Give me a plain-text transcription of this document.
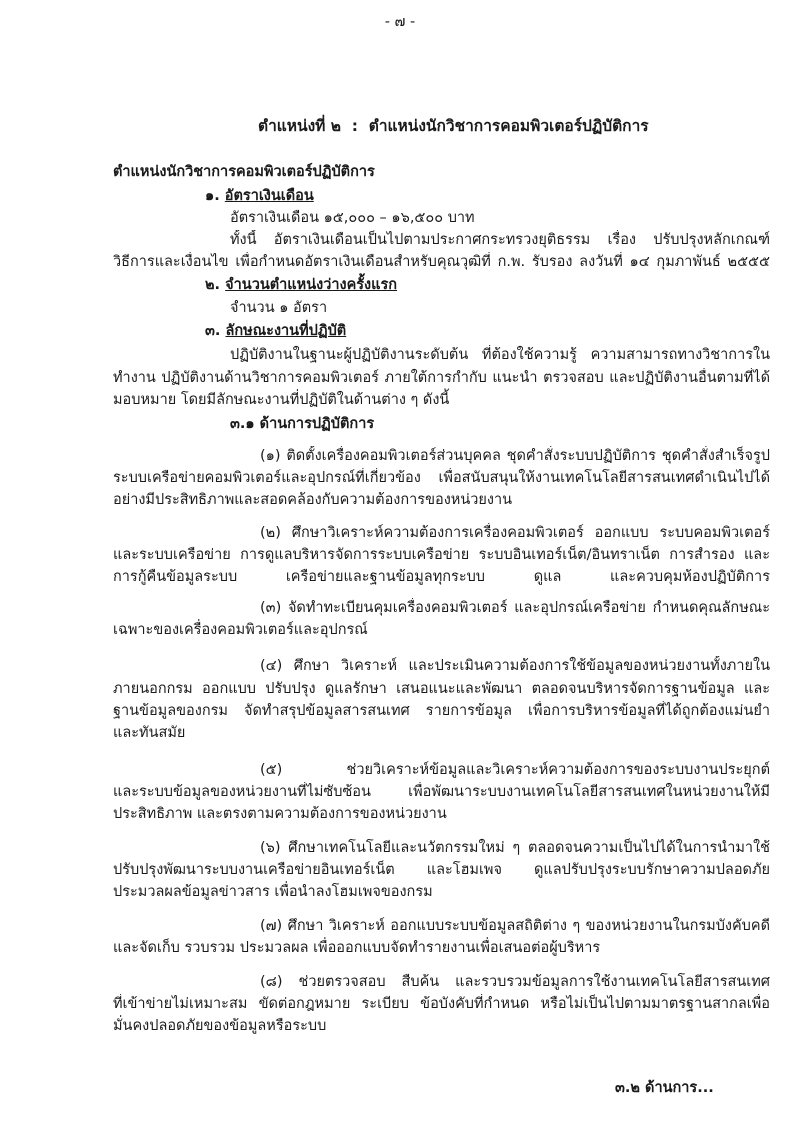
- ๗ -
ตำแหน่งที่ ๒  :  ตำแหน่งนักวิชาการคอมพิวเตอร์ปฏิบัติการ
ตำแหน่งนักวิชาการคอมพิวเตอร์ปฏิบัติการ
๑. อัตราเงินเดือน
๒. จำนวนตำแหน่งว่างครั้งแรก
๓. ลักษณะงานที่ปฏิบัติ
อัตราเงินเดือน ๑๕,๐๐๐ – ๑๖,๕๐๐ บาท
ทั้งนี้ อัตราเงินเดือนเป็นไปตามประกาศกระทรวงยุติธรรม เรื่อง ปรับปรุงหลักเกณฑ์
วิธีการและเงื่อนไข เพื่อกำหนดอัตราเงินเดือนสำหรับคุณวุฒิที่ ก.พ. รับรอง ลงวันที่ ๑๔ กุมภาพันธ์ ๒๕๕๕
จำนวน ๑ อัตรา
ปฏิบัติงานในฐานะผู้ปฏิบัติงานระดับต้น ที่ต้องใช้ความรู้ ความสามารถทางวิชาการใน
ทำงาน ปฏิบัติงานด้านวิชาการคอมพิวเตอร์ ภายใต้การกำกับ แนะนำ ตรวจสอบ และปฏิบัติงานอื่นตามที่ได้
มอบหมาย โดยมีลักษณะงานที่ปฏิบัติในด้านต่าง ๆ ดังนี้
๓.๑ ด้านการปฏิบัติการ
(๑) ติดตั้งเครื่องคอมพิวเตอร์ส่วนบุคคล ชุดคำสั่งระบบปฏิบัติการ ชุดคำสั่งสำเร็จรูป
ระบบเครือข่ายคอมพิวเตอร์และอุปกรณ์ที่เกี่ยวข้อง เพื่อสนับสนุนให้งานเทคโนโลยีสารสนเทศดำเนินไปได้
อย่างมีประสิทธิภาพและสอดคล้องกับความต้องการของหน่วยงาน
(๒) ศึกษาวิเคราะห์ความต้องการเครื่องคอมพิวเตอร์ ออกแบบ ระบบคอมพิวเตอร์
และระบบเครือข่าย การดูแลบริหารจัดการระบบเครือข่าย ระบบอินเทอร์เน็ต/อินทราเน็ต การสำรอง และ
การกู้คืนข้อมูลระบบ เครือข่ายและฐานข้อมูลทุกระบบ ดูแล และควบคุมห้องปฏิบัติการ
(๓) จัดทำทะเบียนคุมเครื่องคอมพิวเตอร์ และอุปกรณ์เครือข่าย กำหนดคุณลักษณะ
เฉพาะของเครื่องคอมพิวเตอร์และอุปกรณ์
(๔) ศึกษา วิเคราะห์ และประเมินความต้องการใช้ข้อมูลของหน่วยงานทั้งภายใน
ภายนอกกรม ออกแบบ ปรับปรุง ดูแลรักษา เสนอแนะและพัฒนา ตลอดจนบริหารจัดการฐานข้อมูล และ
ฐานข้อมูลของกรม จัดทำสรุปข้อมูลสารสนเทศ รายการข้อมูล เพื่อการบริหารข้อมูลที่ได้ถูกต้องแม่นยำ
และทันสมัย
(๕) ช่วยวิเคราะห์ข้อมูลและวิเคราะห์ความต้องการของระบบงานประยุกต์
และระบบข้อมูลของหน่วยงานที่ไม่ซับซ้อน เพื่อพัฒนาระบบงานเทคโนโลยีสารสนเทศในหน่วยงานให้มี
ประสิทธิภาพ และตรงตามความต้องการของหน่วยงาน
(๖) ศึกษาเทคโนโลยีและนวัตกรรมใหม่ ๆ ตลอดจนความเป็นไปได้ในการนำมาใช้
ปรับปรุงพัฒนาระบบงานเครือข่ายอินเทอร์เน็ต และโฮมเพจ ดูแลปรับปรุงระบบรักษาความปลอดภัย
ประมวลผลข้อมูลข่าวสาร เพื่อนำลงโฮมเพจของกรม
(๗) ศึกษา วิเคราะห์ ออกแบบระบบข้อมูลสถิติต่าง ๆ ของหน่วยงานในกรมบังคับคดี
และจัดเก็บ รวบรวม ประมวลผล เพื่อออกแบบจัดทำรายงานเพื่อเสนอต่อผู้บริหาร
(๘) ช่วยตรวจสอบ สืบค้น และรวบรวมข้อมูลการใช้งานเทคโนโลยีสารสนเทศ
ที่เข้าข่ายไม่เหมาะสม ขัดต่อกฎหมาย ระเบียบ ข้อบังคับที่กำหนด หรือไม่เป็นไปตามมาตรฐานสากลเพื่อ
มั่นคงปลอดภัยของข้อมูลหรือระบบ
๓.๒ ด้านการ...
